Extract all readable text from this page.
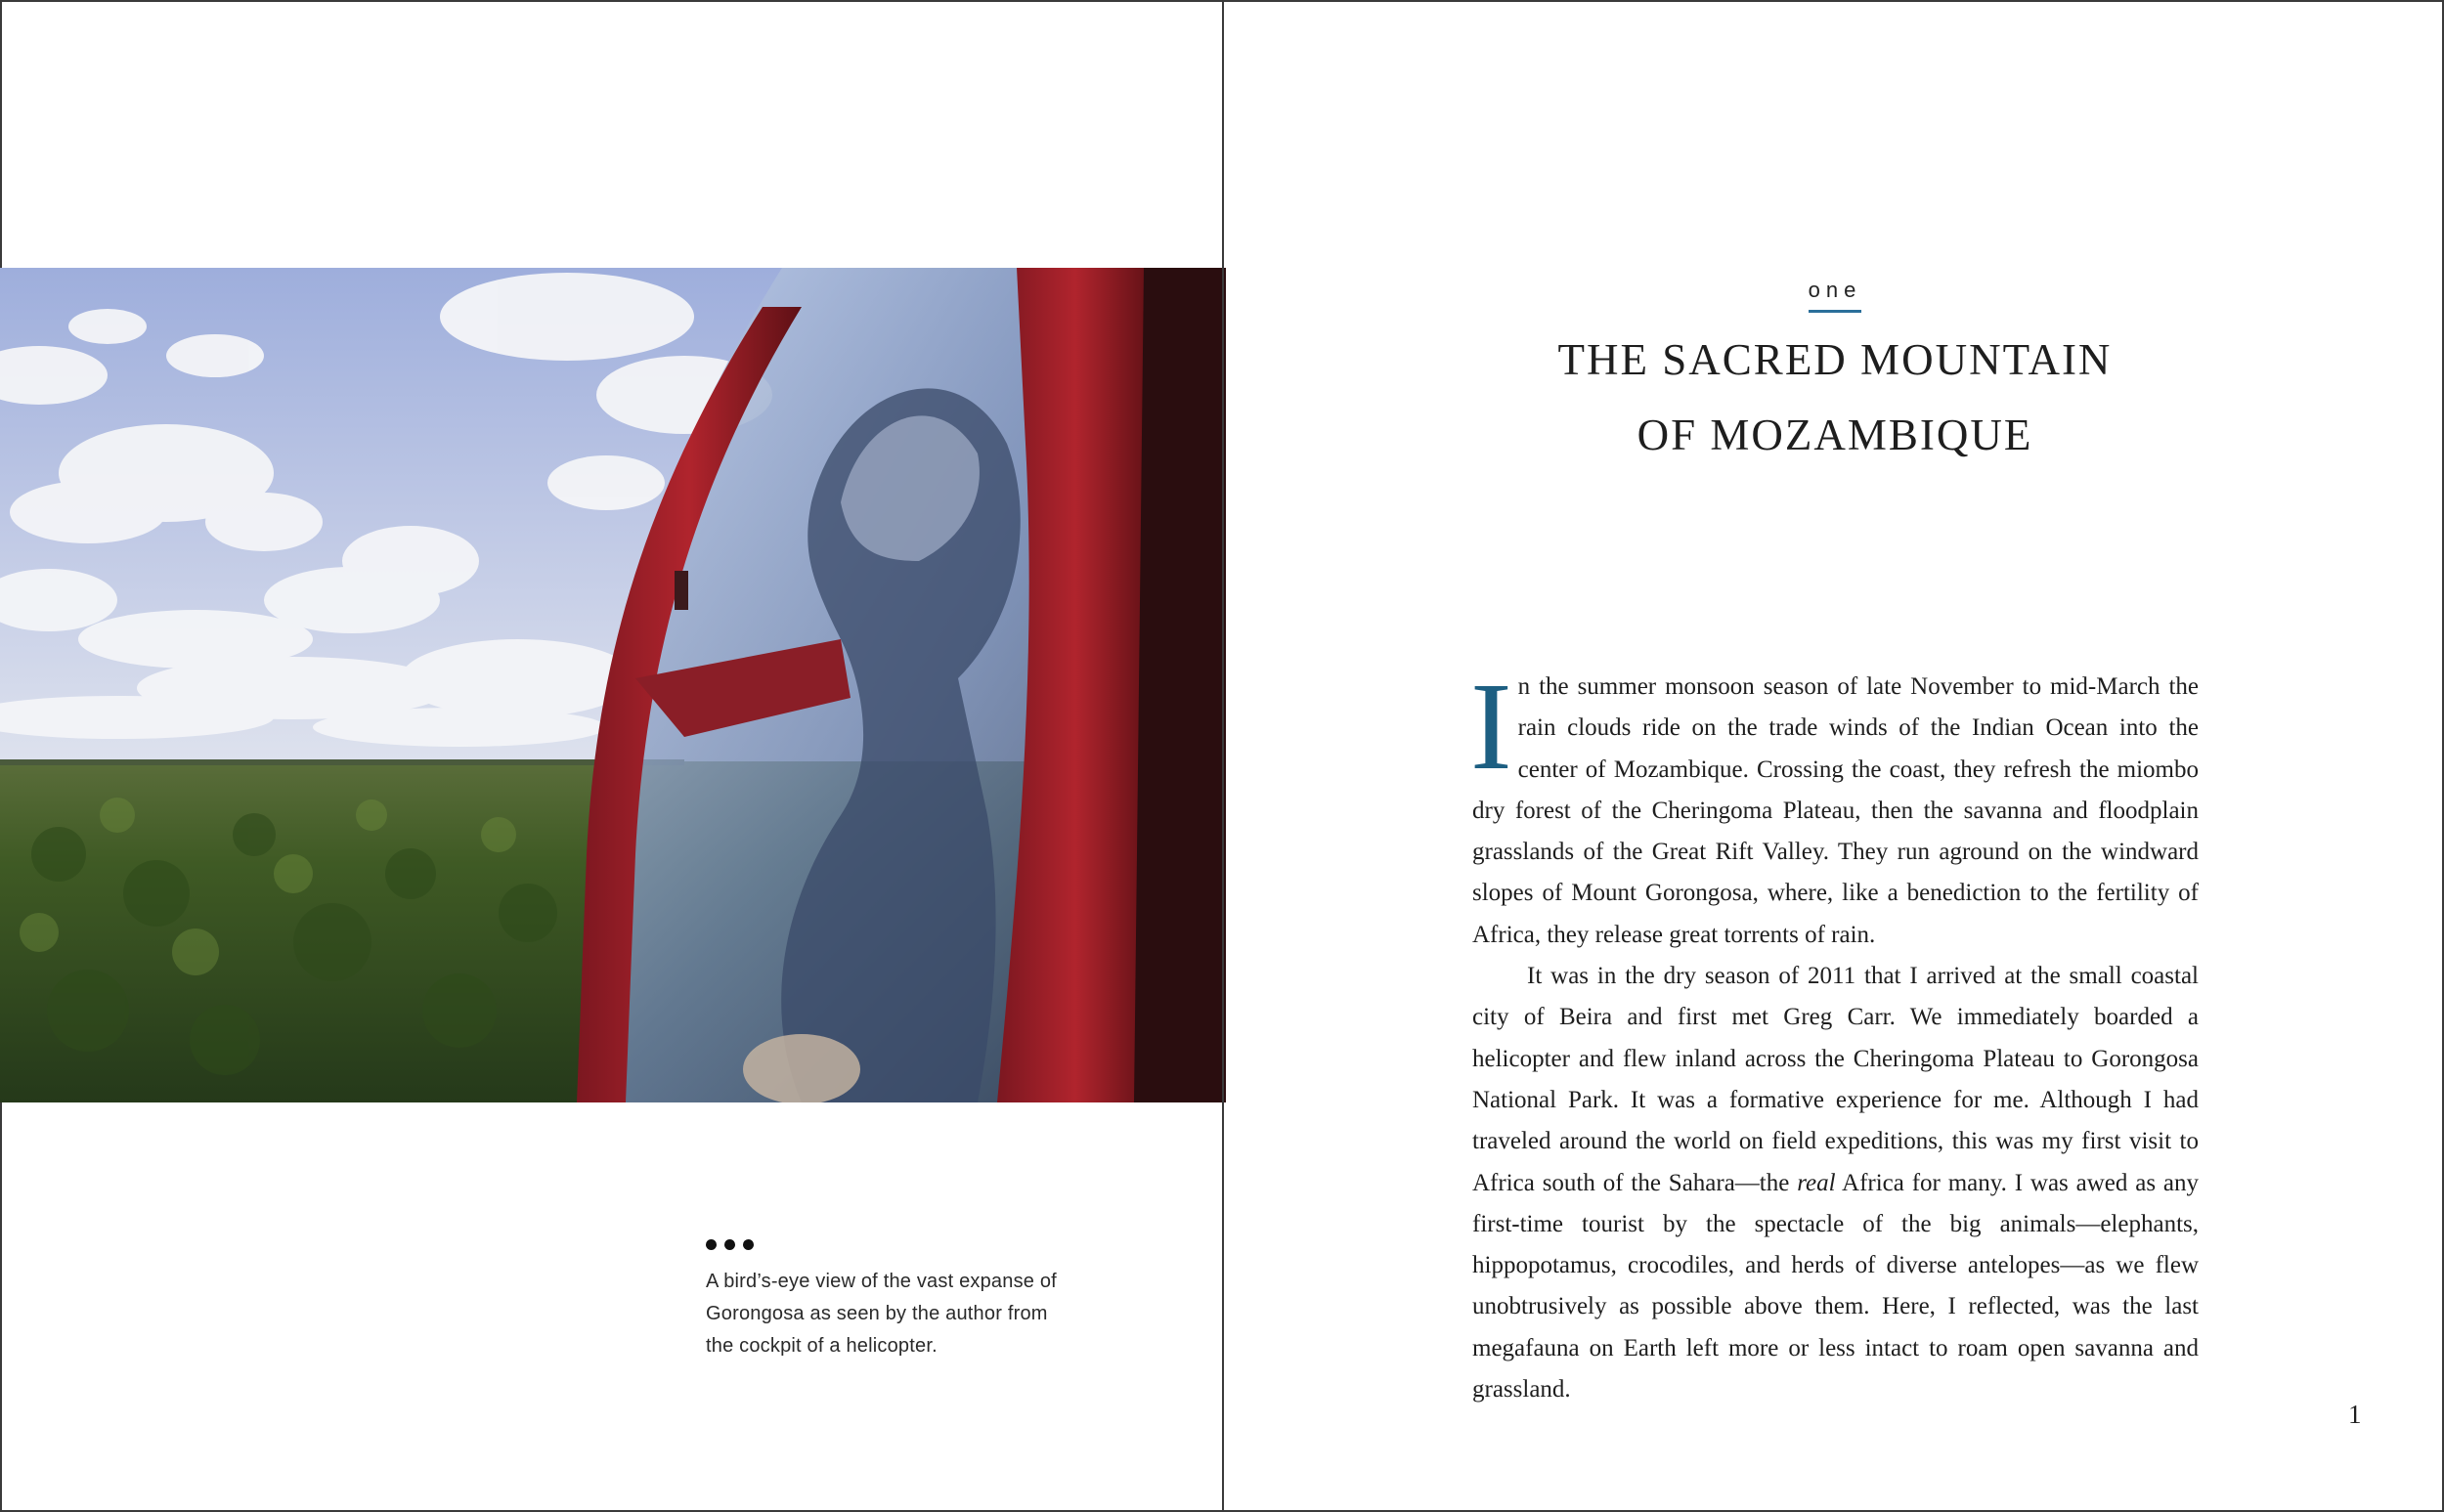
A bird’s-eye view of the vast expanse of Gorongosa as seen by the author from the cockpit of a helicopter.

one
THE SACRED MOUNTAIN
OF MOZAMBIQUE

In the summer monsoon season of late November to mid-March the rain clouds ride on the trade winds of the Indian Ocean into the center of Mozambique. Crossing the coast, they refresh the miombo dry forest of the Cheringoma Plateau, then the savanna and floodplain grasslands of the Great Rift Valley. They run aground on the windward slopes of Mount Gorongosa, where, like a benediction to the fertility of Africa, they release great torrents of rain.

It was in the dry season of 2011 that I arrived at the small coastal city of Beira and first met Greg Carr. We immediately boarded a helicopter and flew inland across the Cheringoma Plateau to Gorongosa National Park. It was a formative experience for me. Although I had traveled around the world on field expeditions, this was my first visit to Africa south of the Sahara—the real Africa for many. I was awed as any first-time tourist by the spectacle of the big animals—elephants, hippopotamus, crocodiles, and herds of diverse antelopes—as we flew unobtrusively as possible above them. Here, I reflected, was the last megafauna on Earth left more or less intact to roam open savanna and grassland.

1
